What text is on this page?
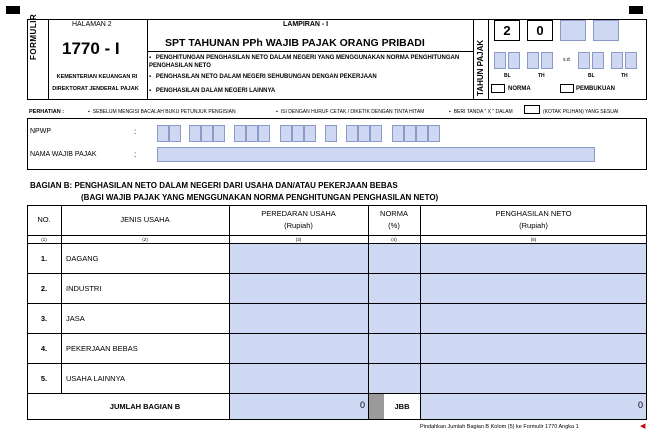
FORMULIR	HALAMAN 2
1770 - I
KEMENTERIAN KEUANGAN RI
DIREKTORAT JENDERAL PAJAK
LAMPIRAN - I
SPT TAHUNAN PPh WAJIB PAJAK ORANG PRIBADI
▪ PENGHITUNGAN PENGHASILAN NETO DALAM NEGERI YANG MENGGUNAKAN NORMA PENGHITUNGAN PENGHASILAN NETO
▪ PENGHASILAN NETO DALAM NEGERI SEHUBUNGAN DENGAN PEKERJAAN
▪ PENGHASILAN DALAM NEGERI LAINNYA	TAHUN PAJAK
2	0
s.d
BL	TH	BL	TH
NORMA	PEMBUKUAN
PERHATIAN :	▪ SEBELUM MENGISI BACALAH BUKU PETUNJUK PENGISIAN	▪ ISI DENGAN HURUF CETAK / DIKETIK DENGAN TINTA HITAM	▪ BERI TANDA " X " DALAM	(KOTAK PILIHAN) YANG SESUAI
NPWP	:
NAMA WAJIB PAJAK	:
BAGIAN B: PENGHASILAN NETO DALAM NEGERI DARI USAHA DAN/ATAU PEKERJAAN BEBAS
(BAGI WAJIB PAJAK YANG MENGGUNAKAN NORMA PENGHITUNGAN PENGHASILAN NETO)
NO.	JENIS USAHA
PEREDARAN USAHA
(Rupiah)
NORMA
(%)
PENGHASILAN NETO
(Rupiah)
(1)	(2)	(3)	(4)	(5)
1.	DAGANG
2.	INDUSTRI
3.	JASA
4.	PEKERJAAN BEBAS
5.	USAHA LAINNYA
JUMLAH BAGIAN B	0	JBB	0
Pindahkan Jumlah Bagian B Kolom (5) ke Formulir 1770 Angka 1	◀
